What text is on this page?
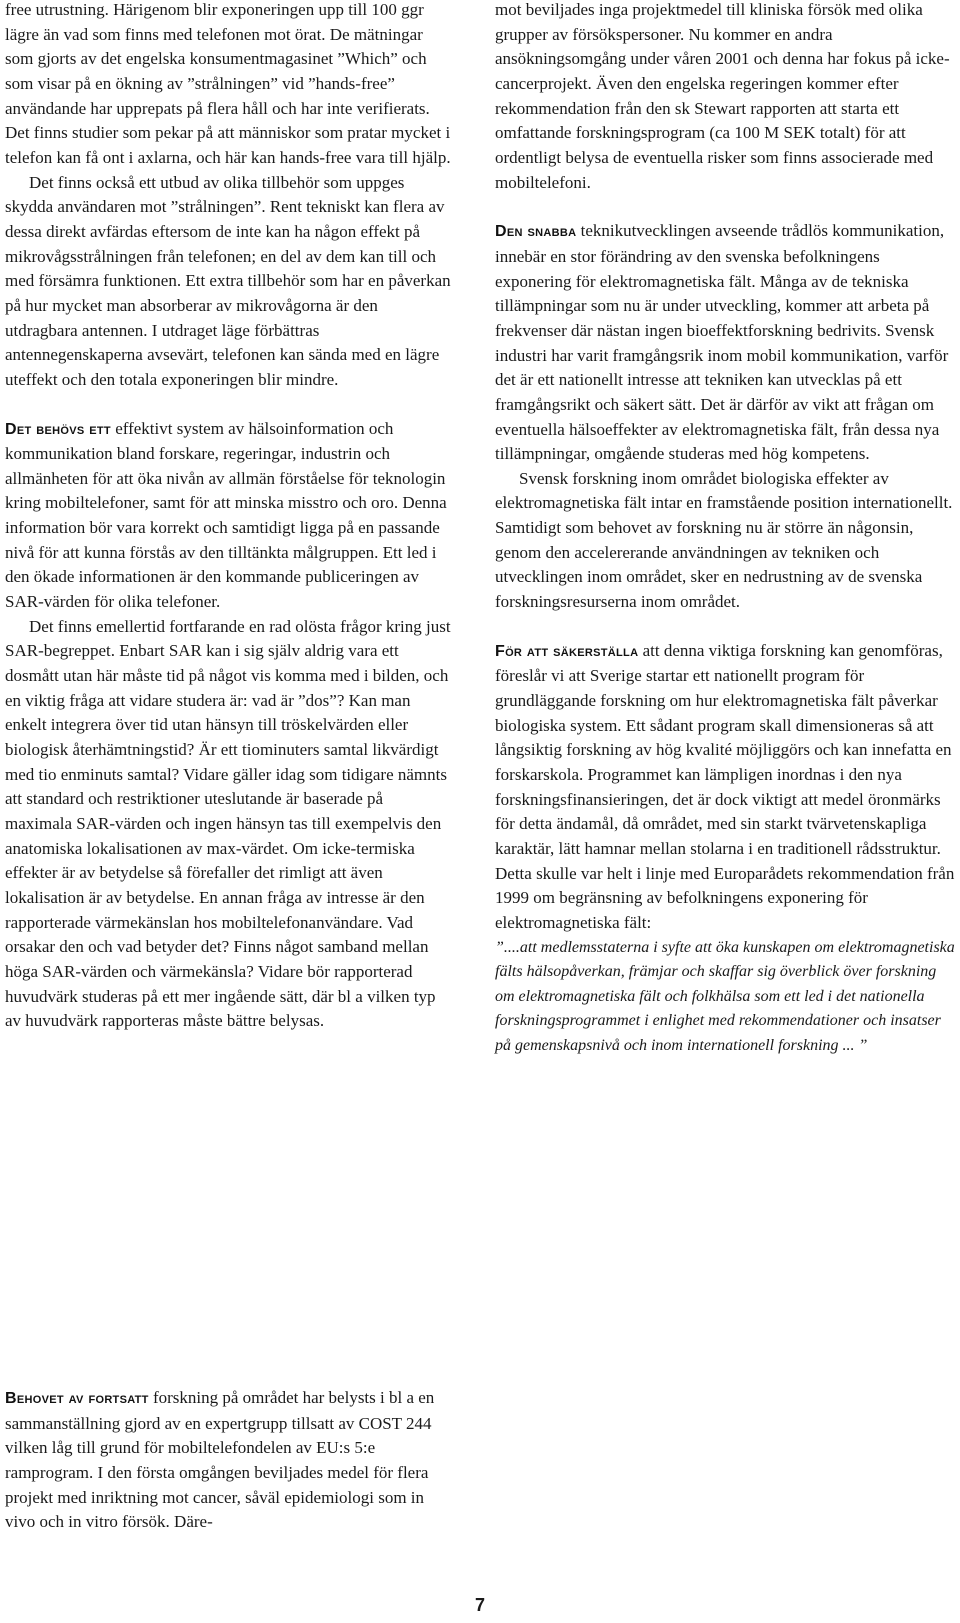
free utrustning. Härigenom blir exponeringen upp till 100 ggr lägre än vad som finns med telefonen mot örat. De mätningar som gjorts av det engelska konsumentmagasinet ”Which” och som visar på en ökning av ”strålningen” vid ”hands-free” användande har upprepats på flera håll och har inte verifierats. Det finns studier som pekar på att människor som pratar mycket i telefon kan få ont i axlarna, och här kan hands-free vara till hjälp.

Det finns också ett utbud av olika tillbehör som uppges skydda användaren mot ”strålningen”. Rent tekniskt kan flera av dessa direkt avfärdas eftersom de inte kan ha någon effekt på mikrovågsstrålningen från telefonen; en del av dem kan till och med försämra funktionen. Ett extra tillbehör som har en påverkan på hur mycket man absorberar av mikrovågorna är den utdragbara antennen. I utdraget läge förbättras antennegenskaperna avsevärt, telefonen kan sända med en lägre uteffekt och den totala exponeringen blir mindre.

Det behövs ett effektivt system av hälsoinformation och kommunikation bland forskare, regeringar, industrin och allmänheten för att öka nivån av allmän förståelse för teknologin kring mobiltelefoner, samt för att minska misstro och oro. Denna information bör vara korrekt och samtidigt ligga på en passande nivå för att kunna förstås av den tilltänkta målgruppen. Ett led i den ökade informationen är den kommande publiceringen av SAR-värden för olika telefoner.

Det finns emellertid fortfarande en rad olösta frågor kring just SAR-begreppet. Enbart SAR kan i sig själv aldrig vara ett dosmått utan här måste tid på något vis komma med i bilden, och en viktig fråga att vidare studera är: vad är ”dos”? Kan man enkelt integrera över tid utan hänsyn till tröskelvärden eller biologisk återhämtningstid? Är ett tiominuters samtal likvärdigt med tio enminuts samtal? Vidare gäller idag som tidigare nämnts att standard och restriktioner uteslutande är baserade på maximala SAR-värden och ingen hänsyn tas till exempelvis den anatomiska lokalisationen av max-värdet. Om icke-termiska effekter är av betydelse så förefaller det rimligt att även lokalisation är av betydelse. En annan fråga av intresse är den rapporterade värmekänslan hos mobiltelefonanvändare. Vad orsakar den och vad betyder det? Finns något samband mellan höga SAR-värden och värmekänsla? Vidare bör rapporterad huvudvärk studeras på ett mer ingående sätt, där bl a vilken typ av huvudvärk rapporteras måste bättre belysas.

Behovet av fortsatt forskning på området har belysts i bl a en sammanställning gjord av en expertgrupp tillsatt av COST 244 vilken låg till grund för mobiltelefondelen av EU:s 5:e ramprogram. I den första omgången beviljades medel för flera projekt med inriktning mot cancer, såväl epidemiologi som in vivo och in vitro försök. Däre-

mot beviljades inga projektmedel till kliniska försök med olika grupper av försökspersoner. Nu kommer en andra ansökningsomgång under våren 2001 och denna har fokus på icke-cancerprojekt. Även den engelska regeringen kommer efter rekommendation från den sk Stewart rapporten att starta ett omfattande forskningsprogram (ca 100 M SEK totalt) för att ordentligt belysa de eventuella risker som finns associerade med mobiltelefoni.

Den snabba teknikutvecklingen avseende trådlös kommunikation, innebär en stor förändring av den svenska befolkningens exponering för elektromagnetiska fält. Många av de tekniska tillämpningar som nu är under utveckling, kommer att arbeta på frekvenser där nästan ingen bioeffektforskning bedrivits. Svensk industri har varit framgångsrik inom mobil kommunikation, varför det är ett nationellt intresse att tekniken kan utvecklas på ett framgångsrikt och säkert sätt. Det är därför av vikt att frågan om eventuella hälsoeffekter av elektromagnetiska fält, från dessa nya tillämpningar, omgående studeras med hög kompetens.

Svensk forskning inom området biologiska effekter av elektromagnetiska fält intar en framstående position internationellt. Samtidigt som behovet av forskning nu är större än någonsin, genom den accelererande användningen av tekniken och utvecklingen inom området, sker en nedrustning av de svenska forskningsresurserna inom området.

För att säkerställa att denna viktiga forskning kan genomföras, föreslår vi att Sverige startar ett nationellt program för grundläggande forskning om hur elektromagnetiska fält påverkar biologiska system. Ett sådant program skall dimensioneras så att långsiktig forskning av hög kvalité möjliggörs och kan innefatta en forskarskola. Programmet kan lämpligen inordnas i den nya forskningsfinansieringen, det är dock viktigt att medel öronmärks för detta ändamål, då området, med sin starkt tvärvetenskapliga karaktär, lätt hamnar mellan stolarna i en traditionell rådsstruktur. Detta skulle var helt i linje med Europarådets rekommendation från 1999 om begränsning av befolkningens exponering för elektromagnetiska fält:

”....att medlemsstaterna i syfte att öka kunskapen om elektromagnetiska fälts hälsopåverkan, främjar och skaffar sig överblick över forskning om elektromagnetiska fält och folkhälsa som ett led i det nationella forskningsprogrammet i enlighet med rekommendationer och insatser på gemenskapsnivå och inom internationell forskning ... ”

7
